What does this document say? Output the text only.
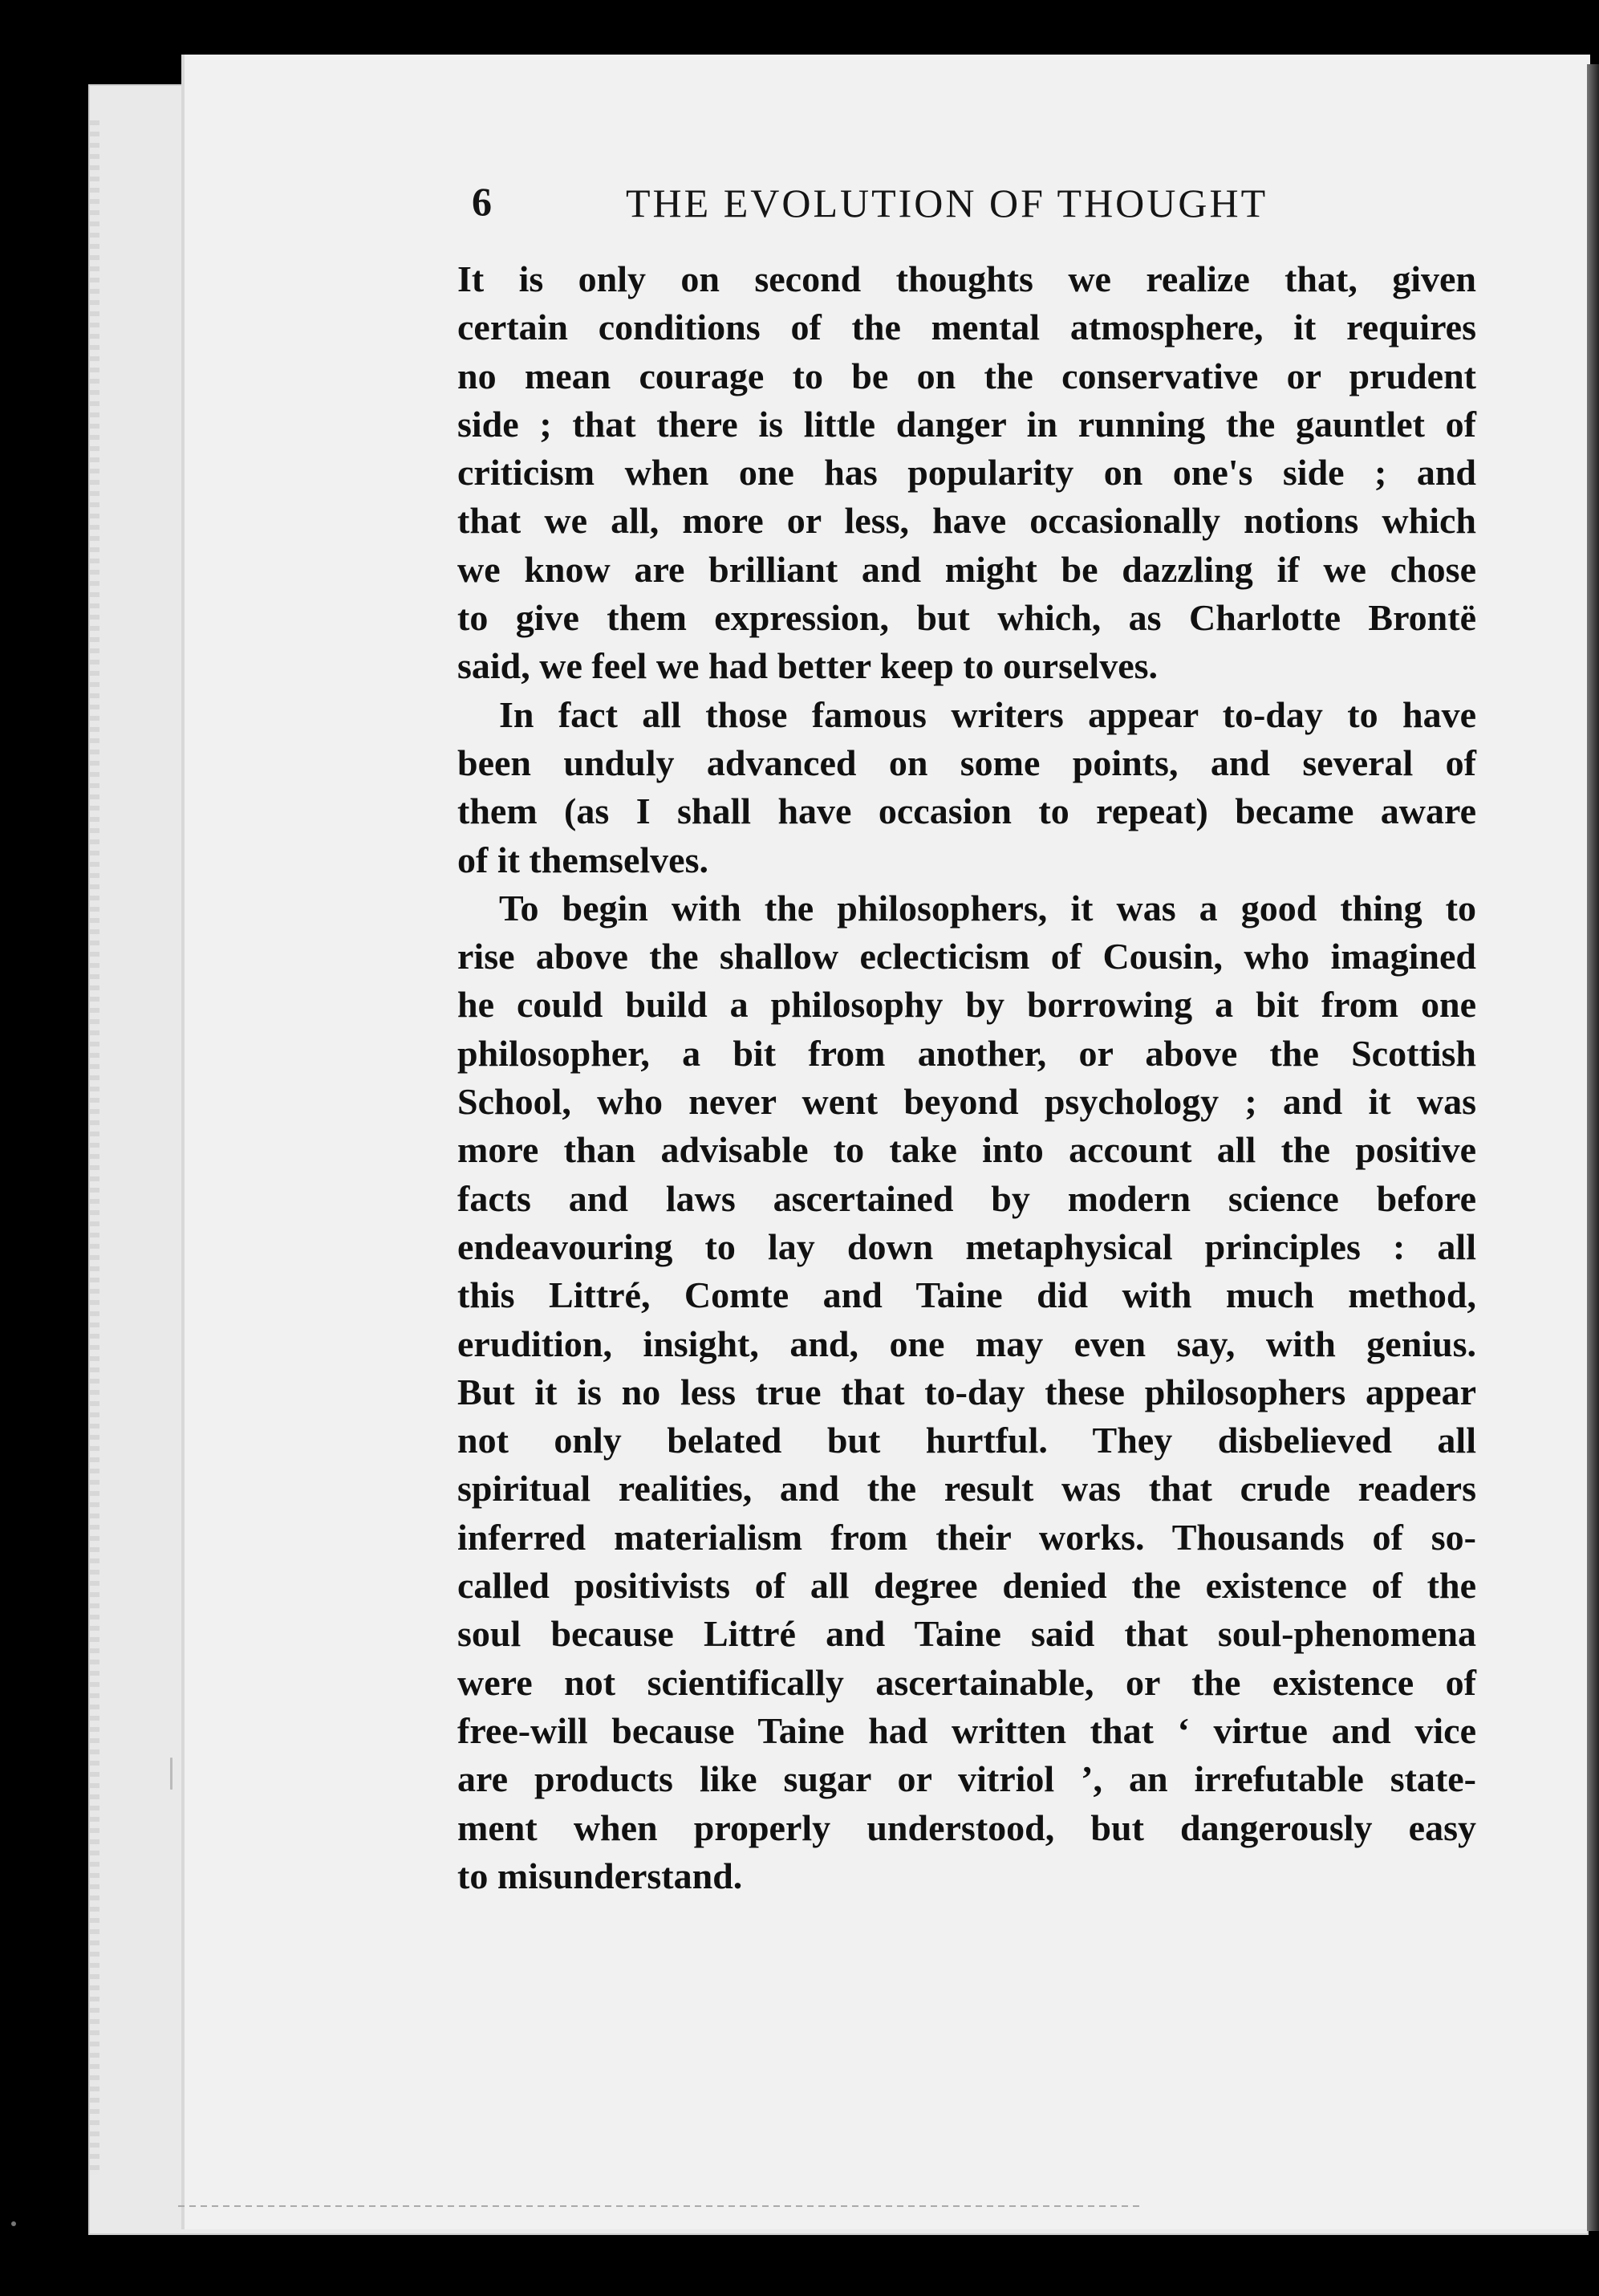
6	THE EVOLUTION OF THOUGHT
It is only on second thoughts we realize that, given
certain conditions of the mental atmosphere, it requires
no mean courage to be on the conservative or prudent
side ; that there is little danger in running the gauntlet of
criticism when one has popularity on one's side ; and
that we all, more or less, have occasionally notions which
we know are brilliant and might be dazzling if we chose
to give them expression, but which, as Charlotte Brontë
said, we feel we had better keep to ourselves.
In fact all those famous writers appear to-day to have
been unduly advanced on some points, and several of
them (as I shall have occasion to repeat) became aware
of it themselves.
To begin with the philosophers, it was a good thing to
rise above the shallow eclecticism of Cousin, who imagined
he could build a philosophy by borrowing a bit from one
philosopher, a bit from another, or above the Scottish
School, who never went beyond psychology ; and it was
more than advisable to take into account all the positive
facts and laws ascertained by modern science before
endeavouring to lay down metaphysical principles : all
this Littré, Comte and Taine did with much method,
erudition, insight, and, one may even say, with genius.
But it is no less true that to-day these philosophers appear
not only belated but hurtful. They disbelieved all
spiritual realities, and the result was that crude readers
inferred materialism from their works. Thousands of so-
called positivists of all degree denied the existence of the
soul because Littré and Taine said that soul-phenomena
were not scientifically ascertainable, or the existence of
free-will because Taine had written that ‘ virtue and vice
are products like sugar or vitriol ’, an irrefutable state-
ment when properly understood, but dangerously easy
to misunderstand.
